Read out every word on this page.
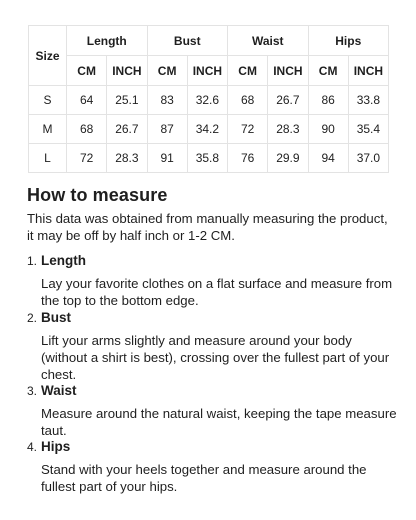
Size	Length		Bust		Waist		Hips	
	CM	INCH	CM	INCH	CM	INCH	CM	INCH
S	64	25.1	83	32.6	68	26.7	86	33.8
M	68	26.7	87	34.2	72	28.3	90	35.4
L	72	28.3	91	35.8	76	29.9	94	37.0
How to measure

This data was obtained from manually measuring the product, it may be off by half inch or 1-2 CM.

1. Length

Lay your favorite clothes on a flat surface and measure from the top to the bottom edge.

2. Bust

Lift your arms slightly and measure around your body (without a shirt is best), crossing over the fullest part of your chest.

3. Waist

Measure around the natural waist, keeping the tape measure taut.

4. Hips

Stand with your heels together and measure around the fullest part of your hips.
